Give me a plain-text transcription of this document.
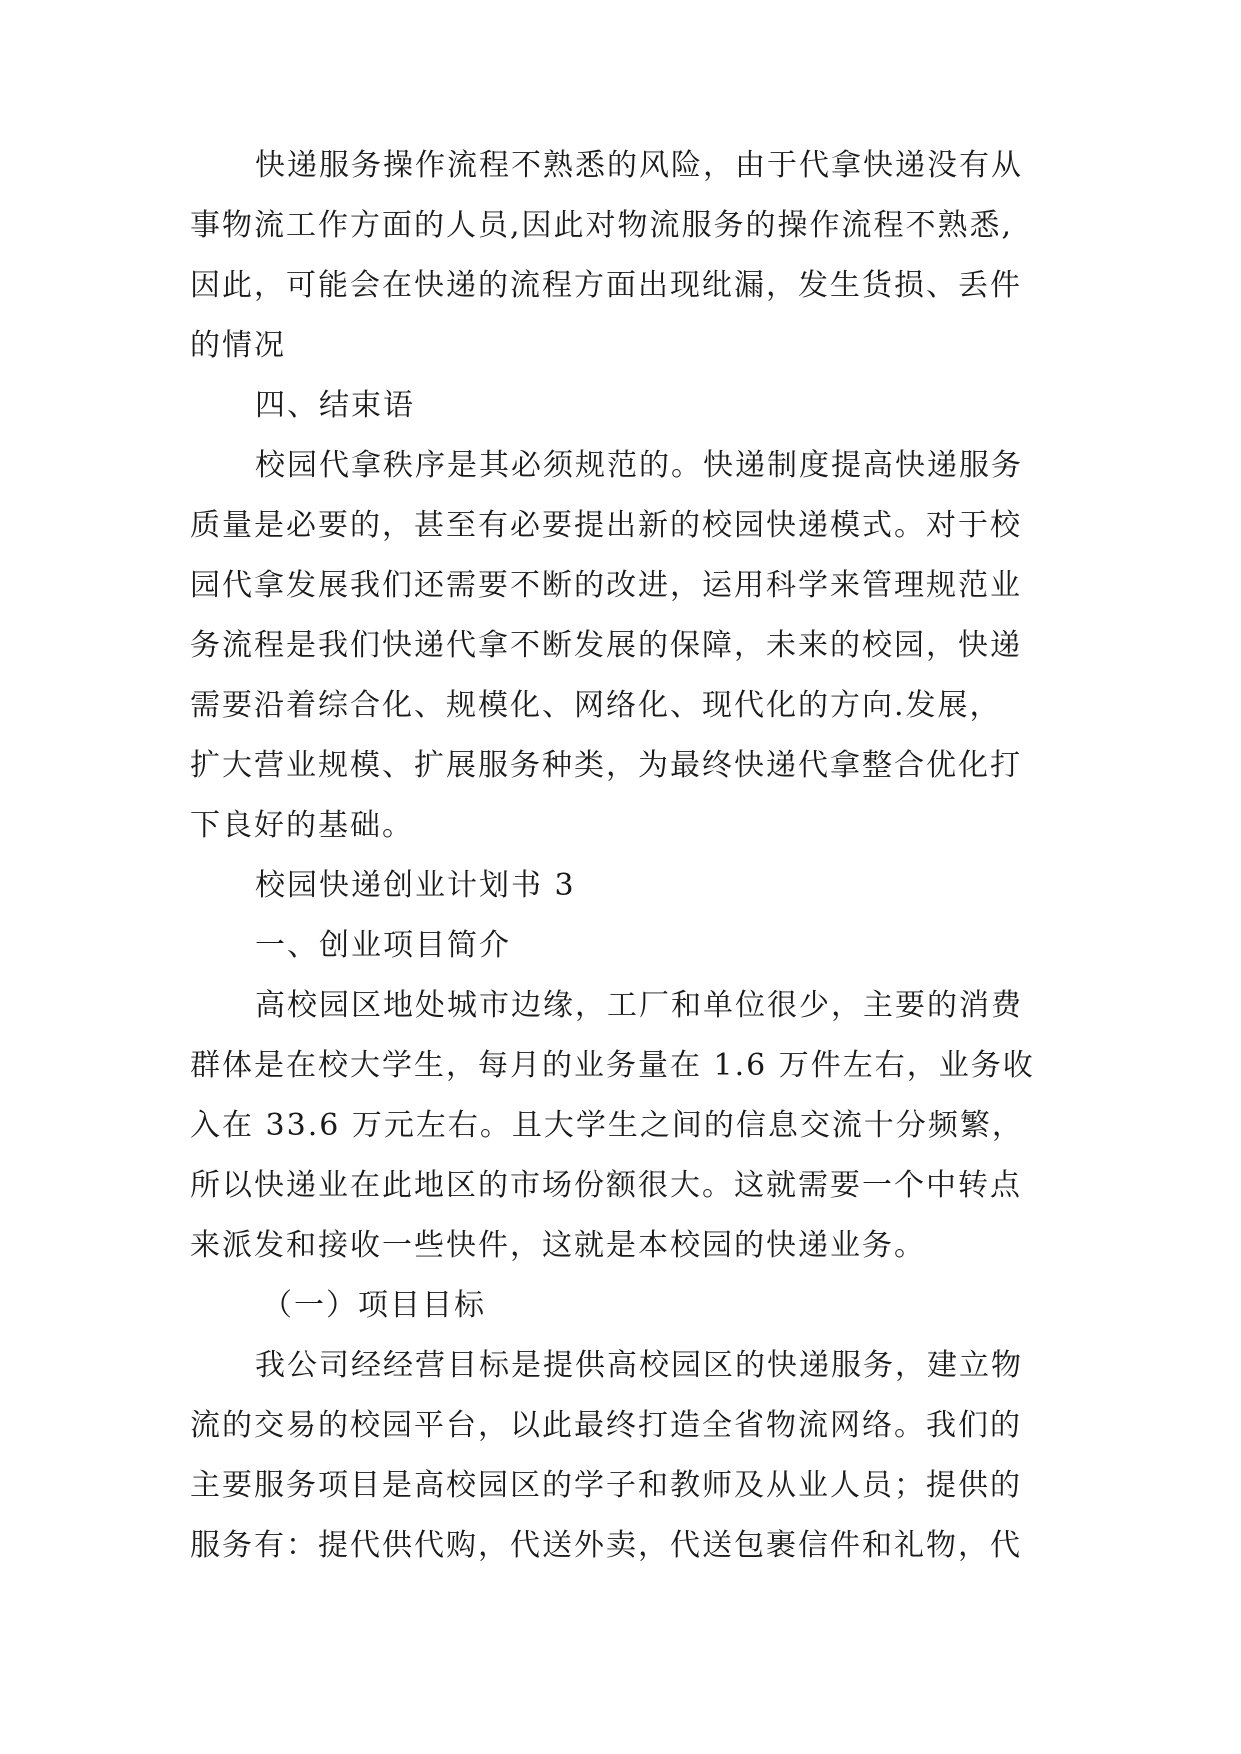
快递服务操作流程不熟悉的风险，由于代拿快递没有从
事物流工作方面的人员,因此对物流服务的操作流程不熟悉,
因此，可能会在快递的流程方面出现纰漏，发生货损、丢件
的情况
四、结束语
校园代拿秩序是其必须规范的。快递制度提高快递服务
质量是必要的，甚至有必要提出新的校园快递模式。对于校
园代拿发展我们还需要不断的改进，运用科学来管理规范业
务流程是我们快递代拿不断发展的保障，未来的校园，快递
需要沿着综合化、规模化、网络化、现代化的方向.发展，
扩大营业规模、扩展服务种类，为最终快递代拿整合优化打
下良好的基础。
校园快递创业计划书 3
一、创业项目简介
高校园区地处城市边缘，工厂和单位很少，主要的消费
群体是在校大学生，每月的业务量在 1.6 万件左右，业务收
入在 33.6 万元左右。且大学生之间的信息交流十分频繁，
所以快递业在此地区的市场份额很大。这就需要一个中转点
来派发和接收一些快件，这就是本校园的快递业务。
（一）项目目标
我公司经经营目标是提供高校园区的快递服务，建立物
流的交易的校园平台，以此最终打造全省物流网络。我们的
主要服务项目是高校园区的学子和教师及从业人员；提供的
服务有：提代供代购，代送外卖，代送包裹信件和礼物，代
